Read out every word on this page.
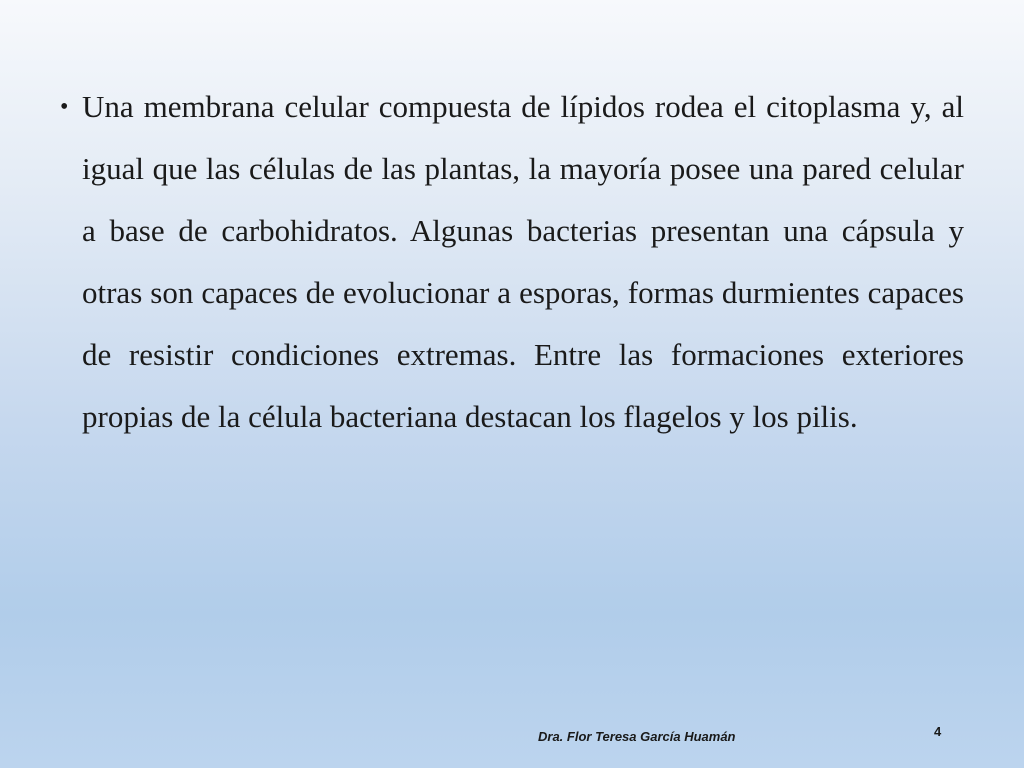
• Una membrana celular compuesta de lípidos rodea el citoplasma y, al igual que las células de las plantas, la mayoría posee una pared celular a base de carbohidratos. Algunas bacterias presentan una cápsula y otras son capaces de evolucionar a esporas, formas durmientes capaces de resistir condiciones extremas. Entre las formaciones exteriores propias de la célula bacteriana destacan los flagelos y los pilis.
Dra. Flor Teresa García Huamán	4
